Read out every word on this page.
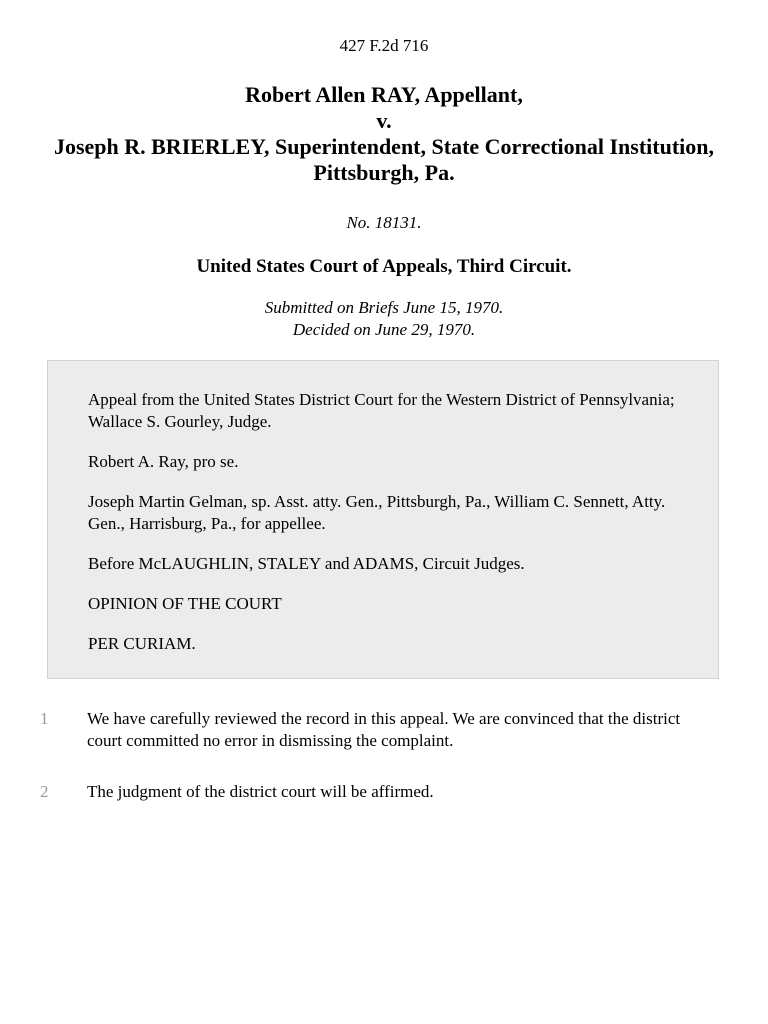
427 F.2d 716
Robert Allen RAY, Appellant,
v.
Joseph R. BRIERLEY, Superintendent, State Correctional Institution, Pittsburgh, Pa.
No. 18131.
United States Court of Appeals, Third Circuit.
Submitted on Briefs June 15, 1970.
Decided on June 29, 1970.

Appeal from the United States District Court for the Western District of Pennsylvania; Wallace S. Gourley, Judge.

Robert A. Ray, pro se.

Joseph Martin Gelman, sp. Asst. atty. Gen., Pittsburgh, Pa., William C. Sennett, Atty. Gen., Harrisburg, Pa., for appellee.

Before McLAUGHLIN, STALEY and ADAMS, Circuit Judges.

OPINION OF THE COURT

PER CURIAM.

1	We have carefully reviewed the record in this appeal. We are convinced that the district court committed no error in dismissing the complaint.
2	The judgment of the district court will be affirmed.
